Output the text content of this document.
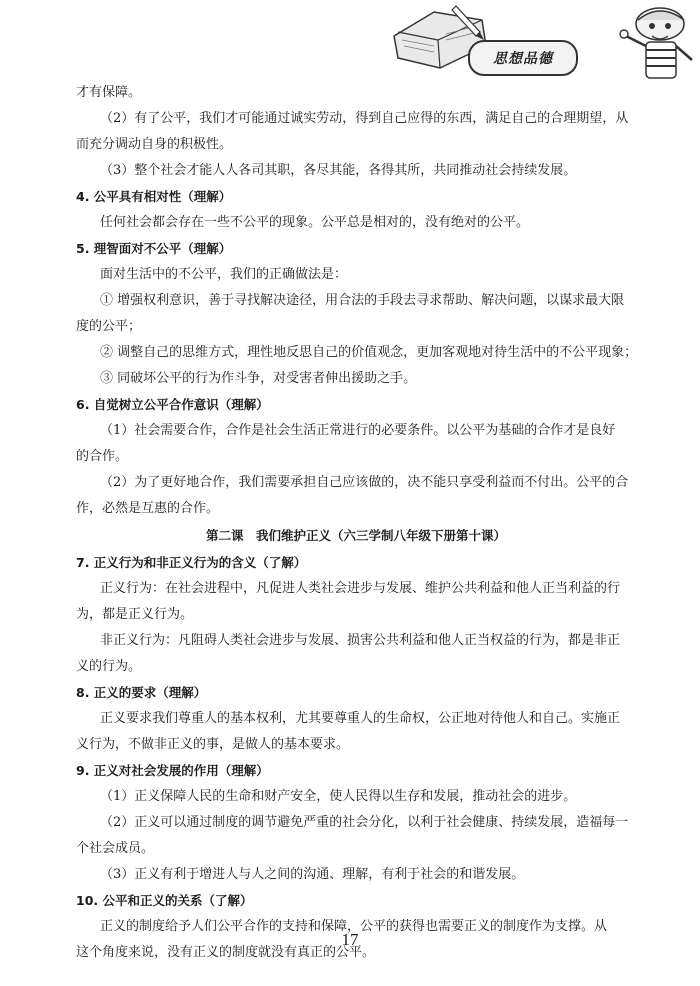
思想品德

才有保障。

（2）有了公平，我们才可能通过诚实劳动，得到自己应得的东西，满足自己的合理期望，从

而充分调动自身的积极性。

（3）整个社会才能人人各司其职，各尽其能，各得其所，共同推动社会持续发展。

4. 公平具有相对性（理解）

任何社会都会存在一些不公平的现象。公平总是相对的，没有绝对的公平。

5. 理智面对不公平（理解）

面对生活中的不公平，我们的正确做法是：

① 增强权利意识，善于寻找解决途径，用合法的手段去寻求帮助、解决问题，以谋求最大限

度的公平；

② 调整自己的思维方式，理性地反思自己的价值观念，更加客观地对待生活中的不公平现象；

③ 同破坏公平的行为作斗争，对受害者伸出援助之手。

6. 自觉树立公平合作意识（理解）

（1）社会需要合作，合作是社会生活正常进行的必要条件。以公平为基础的合作才是良好

的合作。

（2）为了更好地合作，我们需要承担自己应该做的，决不能只享受利益而不付出。公平的合

作，必然是互惠的合作。

第二课　我们维护正义（六三学制八年级下册第十课）

7. 正义行为和非正义行为的含义（了解）

正义行为：在社会进程中，凡促进人类社会进步与发展、维护公共利益和他人正当利益的行

为，都是正义行为。

非正义行为：凡阻碍人类社会进步与发展、损害公共利益和他人正当权益的行为，都是非正

义的行为。

8. 正义的要求（理解）

正义要求我们尊重人的基本权利，尤其要尊重人的生命权，公正地对待他人和自己。实施正

义行为，不做非正义的事，是做人的基本要求。

9. 正义对社会发展的作用（理解）

（1）正义保障人民的生命和财产安全，使人民得以生存和发展，推动社会的进步。

（2）正义可以通过制度的调节避免严重的社会分化，以利于社会健康、持续发展，造福每一

个社会成员。

（3）正义有利于增进人与人之间的沟通、理解，有利于社会的和谐发展。

10. 公平和正义的关系（了解）

正义的制度给予人们公平合作的支持和保障，公平的获得也需要正义的制度作为支撑。从

这个角度来说，没有正义的制度就没有真正的公平。

17
